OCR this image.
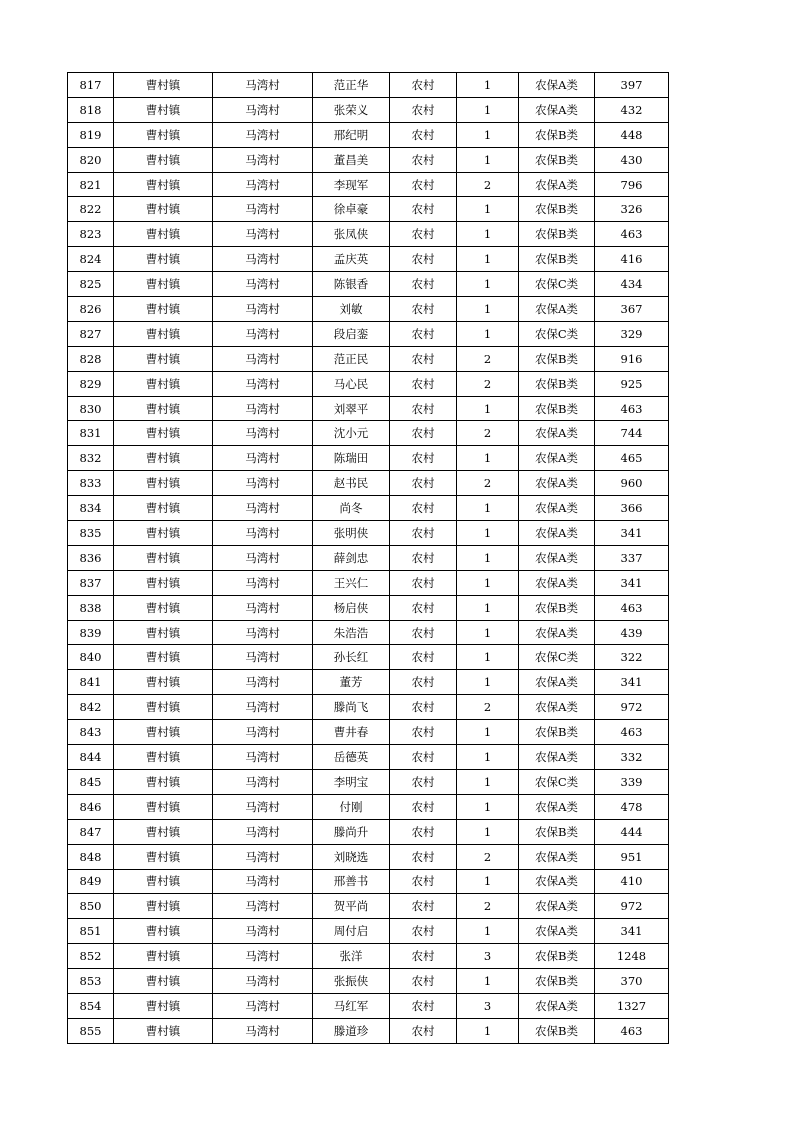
817	曹村镇	马湾村	范正华	农村	1	农保A类	397
818	曹村镇	马湾村	张荣义	农村	1	农保A类	432
819	曹村镇	马湾村	邢纪明	农村	1	农保B类	448
820	曹村镇	马湾村	董昌美	农村	1	农保B类	430
821	曹村镇	马湾村	李现军	农村	2	农保A类	796
822	曹村镇	马湾村	徐卓豪	农村	1	农保B类	326
823	曹村镇	马湾村	张凤侠	农村	1	农保B类	463
824	曹村镇	马湾村	孟庆英	农村	1	农保B类	416
825	曹村镇	马湾村	陈银香	农村	1	农保C类	434
826	曹村镇	马湾村	刘敏	农村	1	农保A类	367
827	曹村镇	马湾村	段启銮	农村	1	农保C类	329
828	曹村镇	马湾村	范正民	农村	2	农保B类	916
829	曹村镇	马湾村	马心民	农村	2	农保B类	925
830	曹村镇	马湾村	刘翠平	农村	1	农保B类	463
831	曹村镇	马湾村	沈小元	农村	2	农保A类	744
832	曹村镇	马湾村	陈瑞田	农村	1	农保A类	465
833	曹村镇	马湾村	赵书民	农村	2	农保A类	960
834	曹村镇	马湾村	尚冬	农村	1	农保A类	366
835	曹村镇	马湾村	张明侠	农村	1	农保A类	341
836	曹村镇	马湾村	薛剑忠	农村	1	农保A类	337
837	曹村镇	马湾村	王兴仁	农村	1	农保A类	341
838	曹村镇	马湾村	杨启侠	农村	1	农保B类	463
839	曹村镇	马湾村	朱浩浩	农村	1	农保A类	439
840	曹村镇	马湾村	孙长红	农村	1	农保C类	322
841	曹村镇	马湾村	董芳	农村	1	农保A类	341
842	曹村镇	马湾村	滕尚飞	农村	2	农保A类	972
843	曹村镇	马湾村	曹井春	农村	1	农保B类	463
844	曹村镇	马湾村	岳德英	农村	1	农保A类	332
845	曹村镇	马湾村	李明宝	农村	1	农保C类	339
846	曹村镇	马湾村	付刚	农村	1	农保A类	478
847	曹村镇	马湾村	滕尚升	农村	1	农保B类	444
848	曹村镇	马湾村	刘晓选	农村	2	农保A类	951
849	曹村镇	马湾村	邢善书	农村	1	农保A类	410
850	曹村镇	马湾村	贺平尚	农村	2	农保A类	972
851	曹村镇	马湾村	周付启	农村	1	农保A类	341
852	曹村镇	马湾村	张洋	农村	3	农保B类	1248
853	曹村镇	马湾村	张振侠	农村	1	农保B类	370
854	曹村镇	马湾村	马红军	农村	3	农保A类	1327
855	曹村镇	马湾村	滕道珍	农村	1	农保B类	463
